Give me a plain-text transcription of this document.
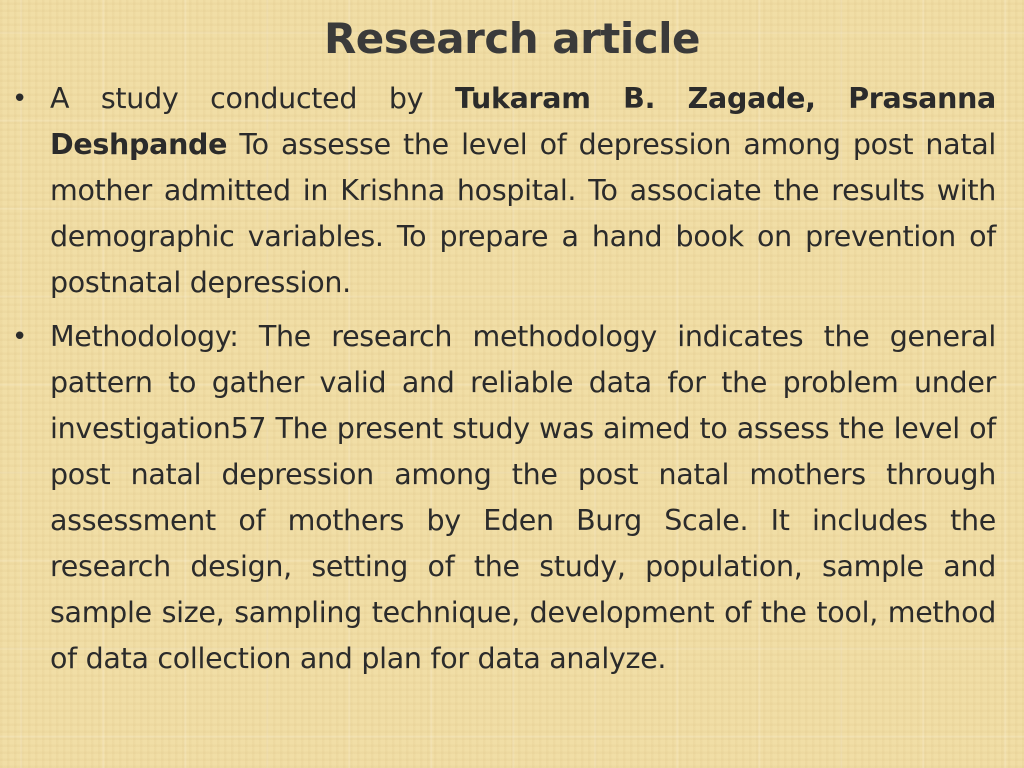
Research article
• A study conducted by Tukaram B. Zagade, Prasanna Deshpande To assesse the level of depression among post natal mother admitted in Krishna hospital. To associate the results with demographic variables. To prepare a hand book on prevention of postnatal depression.
• Methodology: The research methodology indicates the general pattern to gather valid and reliable data for the problem under investigation57 The present study was aimed to assess the level of post natal depression among the post natal mothers through assessment of mothers by Eden Burg Scale. It includes the research design, setting of the study, population, sample and sample size, sampling technique, development of the tool, method of data collection and plan for data analyze.
